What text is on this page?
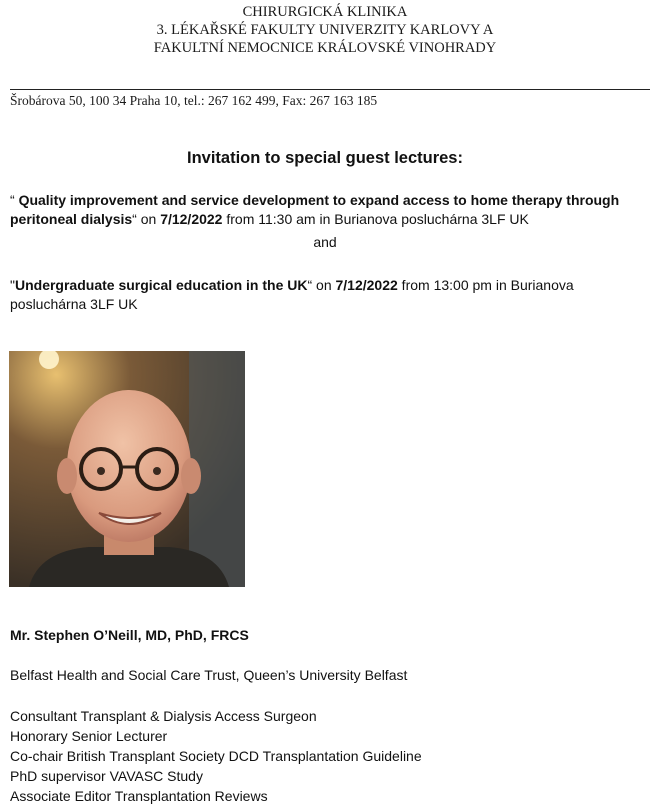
CHIRURGICKÁ KLINIKA
3. LÉKAŘSKÉ FAKULTY UNIVERZITY KARLOVY A
FAKULTNÍ NEMOCNICE KRÁLOVSKÉ VINOHRADY
Šrobárova 50, 100 34 Praha 10, tel.: 267 162 499, Fax: 267 163 185
Invitation to special guest lectures:
“ Quality improvement and service development to expand access to home therapy through peritoneal dialysis“ on 7/12/2022 from 11:30 am in Burianova posluchárna 3LF UK
and
"Undergraduate surgical education in the UK“ on 7/12/2022 from 13:00 pm in Burianova posluchárna 3LF UK
Mr. Stephen O’Neill, MD, PhD, FRCS
Belfast Health and Social Care Trust, Queen’s University Belfast
Consultant Transplant & Dialysis Access Surgeon
Honorary Senior Lecturer
Co-chair British Transplant Society DCD Transplantation Guideline
PhD supervisor VAVASC Study
Associate Editor Transplantation Reviews
